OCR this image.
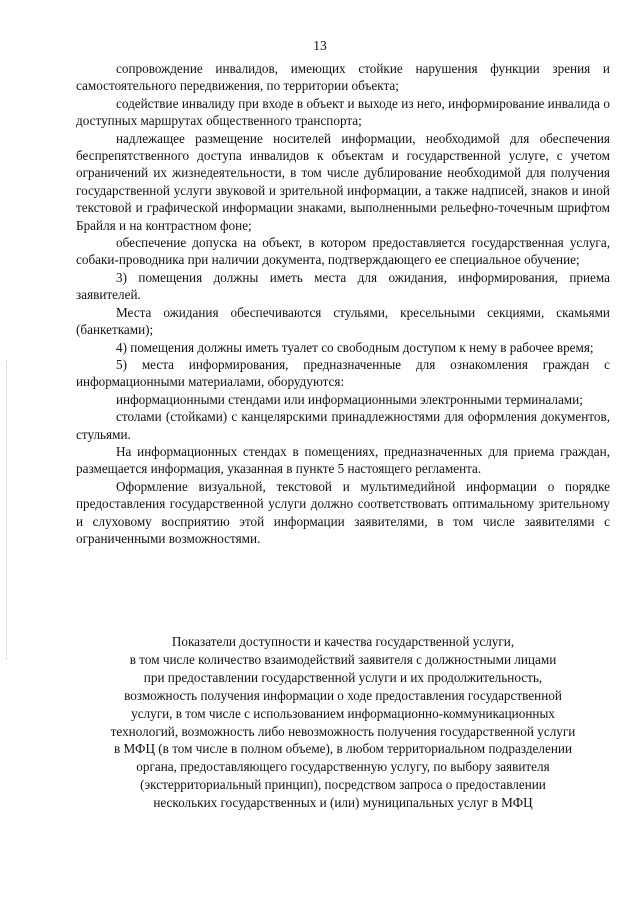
13

сопровождение инвалидов, имеющих стойкие нарушения функции зрения и самостоятельного передвижения, по территории объекта;

содействие инвалиду при входе в объект и выходе из него, информирование инвалида о доступных маршрутах общественного транспорта;

надлежащее размещение носителей информации, необходимой для обеспечения беспрепятственного доступа инвалидов к объектам и государственной услуге, с учетом ограничений их жизнедеятельности, в том числе дублирование необходимой для получения государственной услуги звуковой и зрительной информации, а также надписей, знаков и иной текстовой и графической информации знаками, выполненными рельефно-точечным шрифтом Брайля и на контрастном фоне;

обеспечение допуска на объект, в котором предоставляется государственная услуга, собаки-проводника при наличии документа, подтверждающего ее специальное обучение;

3) помещения должны иметь места для ожидания, информирования, приема заявителей.

Места ожидания обеспечиваются стульями, кресельными секциями, скамьями (банкетками);

4) помещения должны иметь туалет со свободным доступом к нему в рабочее время;

5) места информирования, предназначенные для ознакомления граждан с информационными материалами, оборудуются:

информационными стендами или информационными электронными терминалами;

столами (стойками) с канцелярскими принадлежностями для оформления документов, стульями.

На информационных стендах в помещениях, предназначенных для приема граждан, размещается информация, указанная в пункте 5 настоящего регламента.

Оформление визуальной, текстовой и мультимедийной информации о порядке предоставления государственной услуги должно соответствовать оптимальному зрительному и слуховому восприятию этой информации заявителями, в том числе заявителями с ограниченными возможностями.

Показатели доступности и качества государственной услуги,
в том числе количество взаимодействий заявителя с должностными лицами
при предоставлении государственной услуги и их продолжительность,
возможность получения информации о ходе предоставления государственной
услуги, в том числе с использованием информационно-коммуникационных
технологий, возможность либо невозможность получения государственной услуги
в МФЦ (в том числе в полном объеме), в любом территориальном подразделении
органа, предоставляющего государственную услугу, по выбору заявителя
(экстерриториальный принцип), посредством запроса о предоставлении
нескольких государственных и (или) муниципальных услуг в МФЦ
